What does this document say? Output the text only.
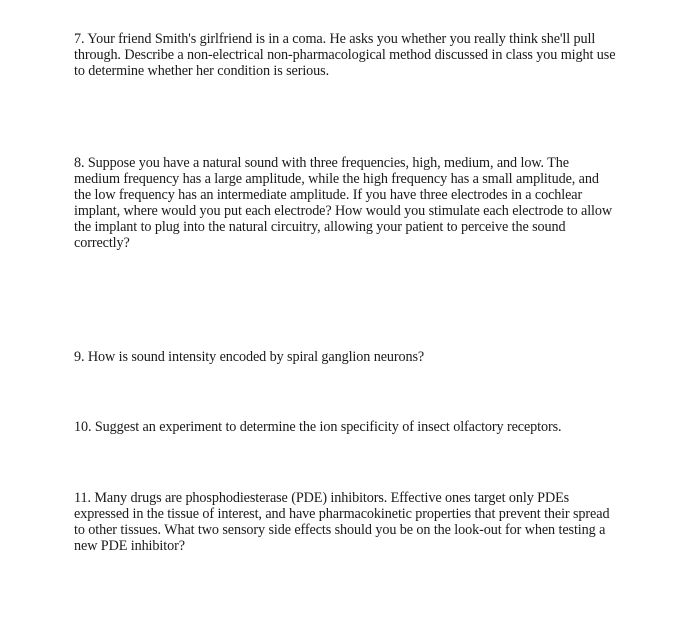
7. Your friend Smith's girlfriend is in a coma. He asks you whether you really think she'll pull
through. Describe a non-electrical non-pharmacological method discussed in class you might use
to determine whether her condition is serious.
8. Suppose you have a natural sound with three frequencies, high, medium, and low. The
medium frequency has a large amplitude, while the high frequency has a small amplitude, and
the low frequency has an intermediate amplitude. If you have three electrodes in a cochlear
implant, where would you put each electrode? How would you stimulate each electrode to allow
the implant to plug into the natural circuitry, allowing your patient to perceive the sound
correctly?
9. How is sound intensity encoded by spiral ganglion neurons?
10. Suggest an experiment to determine the ion specificity of insect olfactory receptors.
11. Many drugs are phosphodiesterase (PDE) inhibitors. Effective ones target only PDEs
expressed in the tissue of interest, and have pharmacokinetic properties that prevent their spread
to other tissues. What two sensory side effects should you be on the look-out for when testing a
new PDE inhibitor?
